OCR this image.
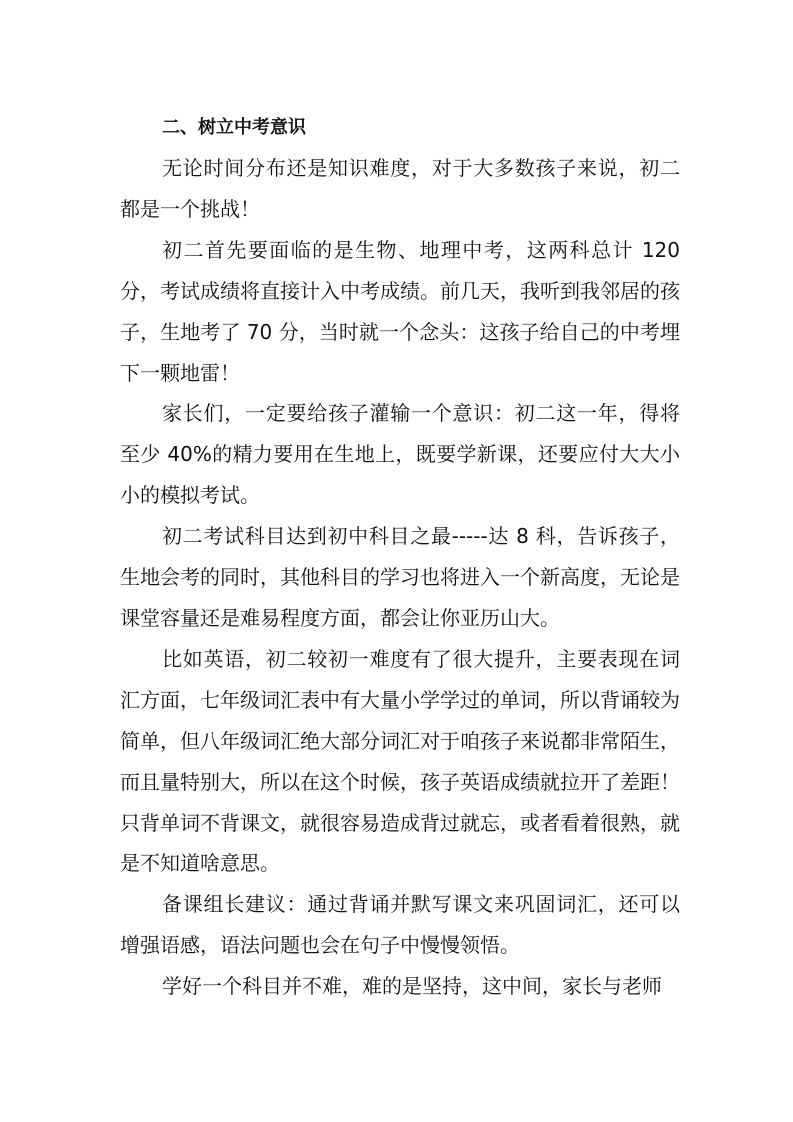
二、树立中考意识

无论时间分布还是知识难度，对于大多数孩子来说，初二都是一个挑战！

初二首先要面临的是生物、地理中考，这两科总计 120 分，考试成绩将直接计入中考成绩。前几天，我听到我邻居的孩子，生地考了 70 分，当时就一个念头：这孩子给自己的中考埋下一颗地雷！

家长们，一定要给孩子灌输一个意识：初二这一年，得将至少 40%的精力要用在生地上，既要学新课，还要应付大大小小的模拟考试。

初二考试科目达到初中科目之最-----达 8 科，告诉孩子，生地会考的同时，其他科目的学习也将进入一个新高度，无论是课堂容量还是难易程度方面，都会让你亚历山大。

比如英语，初二较初一难度有了很大提升，主要表现在词汇方面，七年级词汇表中有大量小学学过的单词，所以背诵较为简单，但八年级词汇绝大部分词汇对于咱孩子来说都非常陌生，而且量特别大，所以在这个时候，孩子英语成绩就拉开了差距！只背单词不背课文，就很容易造成背过就忘，或者看着很熟，就是不知道啥意思。

备课组长建议：通过背诵并默写课文来巩固词汇，还可以增强语感，语法问题也会在句子中慢慢领悟。

学好一个科目并不难，难的是坚持，这中间，家长与老师
